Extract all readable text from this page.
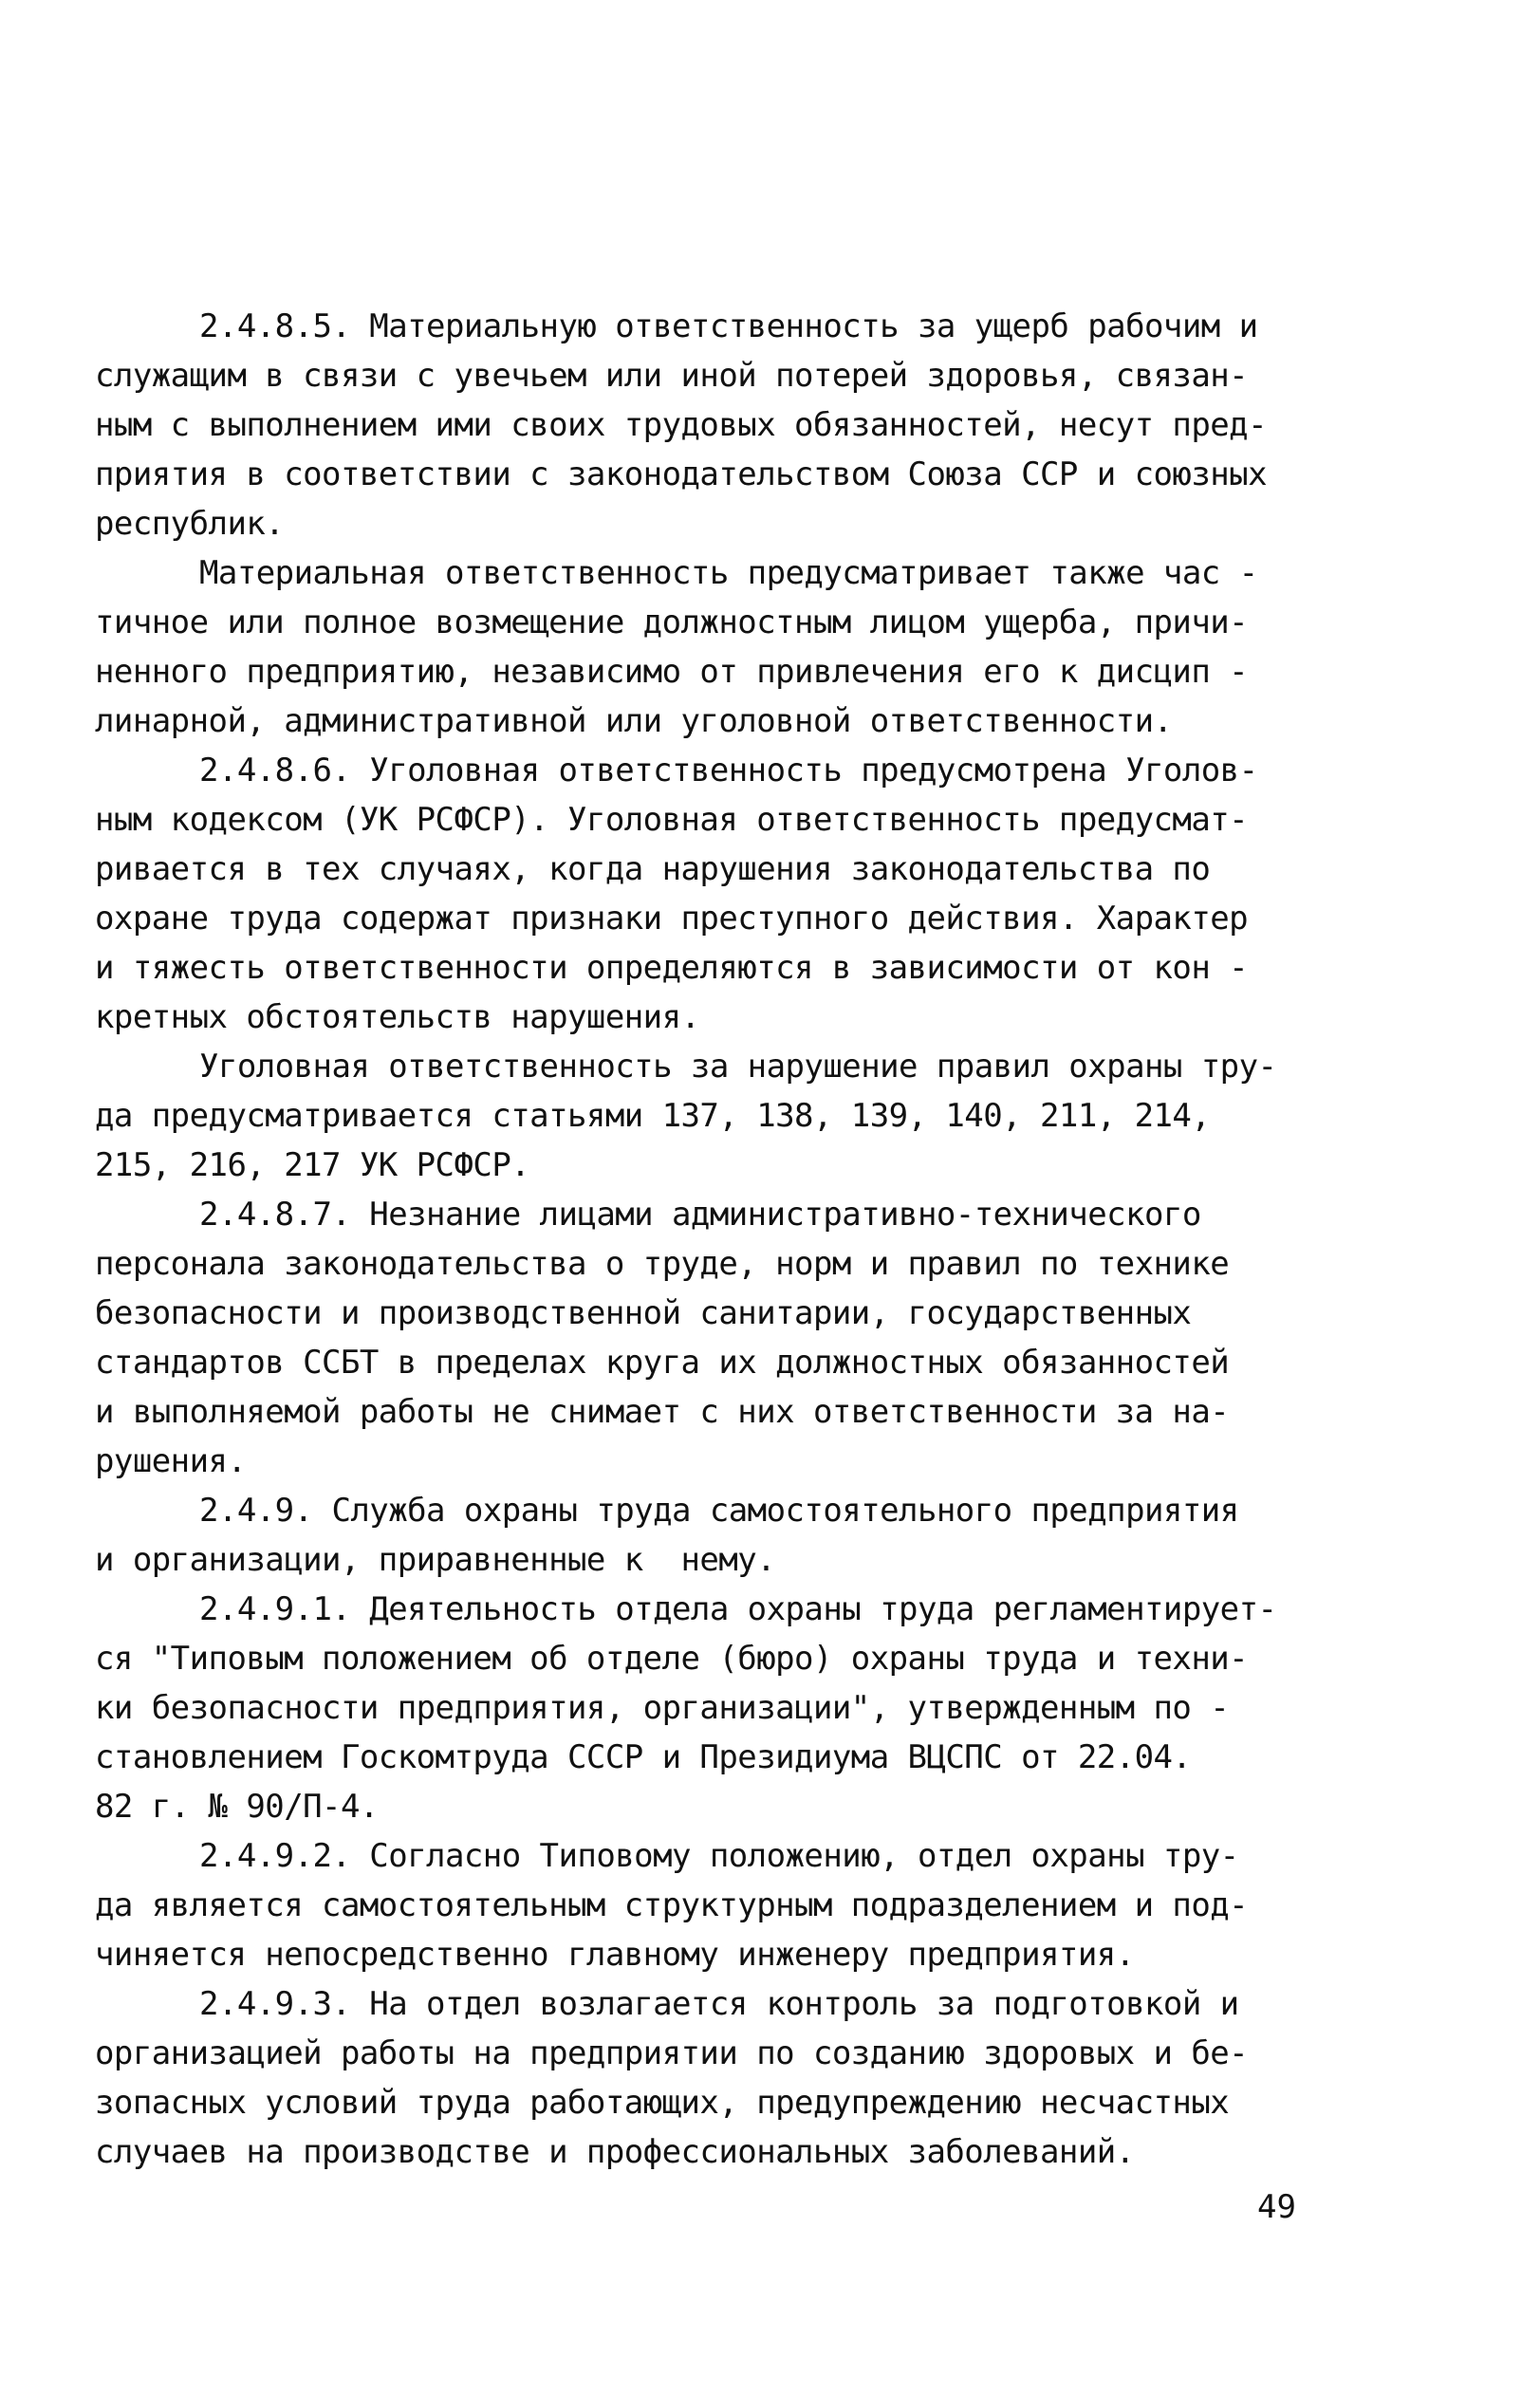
2.4.8.5. Материальную ответственность за ущерб рабочим и
служащим в связи с увечьем или иной потерей здоровья, связан-
ным с выполнением ими своих трудовых обязанностей, несут пред-
приятия в соответствии с законодательством Союза ССР и союзных
республик.
Материальная ответственность предусматривает также час -
тичное или полное возмещение должностным лицом ущерба, причи-
ненного предприятию, независимо от привлечения его к дисцип -
линарной, административной или уголовной ответственности.
2.4.8.6. Уголовная ответственность предусмотрена Уголов-
ным кодексом (УК РСФСР). Уголовная ответственность предусмат-
ривается в тех случаях, когда нарушения законодательства по
охране труда содержат признаки преступного действия. Характер
и тяжесть ответственности определяются в зависимости от кон -
кретных обстоятельств нарушения.
Уголовная ответственность за нарушение правил охраны тру-
да предусматривается статьями 137, 138, 139, 140, 211, 214,
215, 216, 217 УК РСФСР.
2.4.8.7. Незнание лицами административно-технического
персонала законодательства о труде, норм и правил по технике
безопасности и производственной санитарии, государственных
стандартов ССБТ в пределах круга их должностных обязанностей
и выполняемой работы не снимает с них ответственности за на-
рушения.
2.4.9. Служба охраны труда самостоятельного предприятия
и организации, приравненные к  нему.
2.4.9.1. Деятельность отдела охраны труда регламентирует-
ся "Типовым положением об отделе (бюро) охраны труда и техни-
ки безопасности предприятия, организации", утвержденным по -
становлением Госкомтруда СССР и Президиума ВЦСПС от 22.04.
82 г. № 90/П-4.
2.4.9.2. Согласно Типовому положению, отдел охраны тру-
да является самостоятельным структурным подразделением и под-
чиняется непосредственно главному инженеру предприятия.
2.4.9.3. На отдел возлагается контроль за подготовкой и
организацией работы на предприятии по созданию здоровых и бе-
зопасных условий труда работающих, предупреждению несчастных
случаев на производстве и профессиональных заболеваний.
49
